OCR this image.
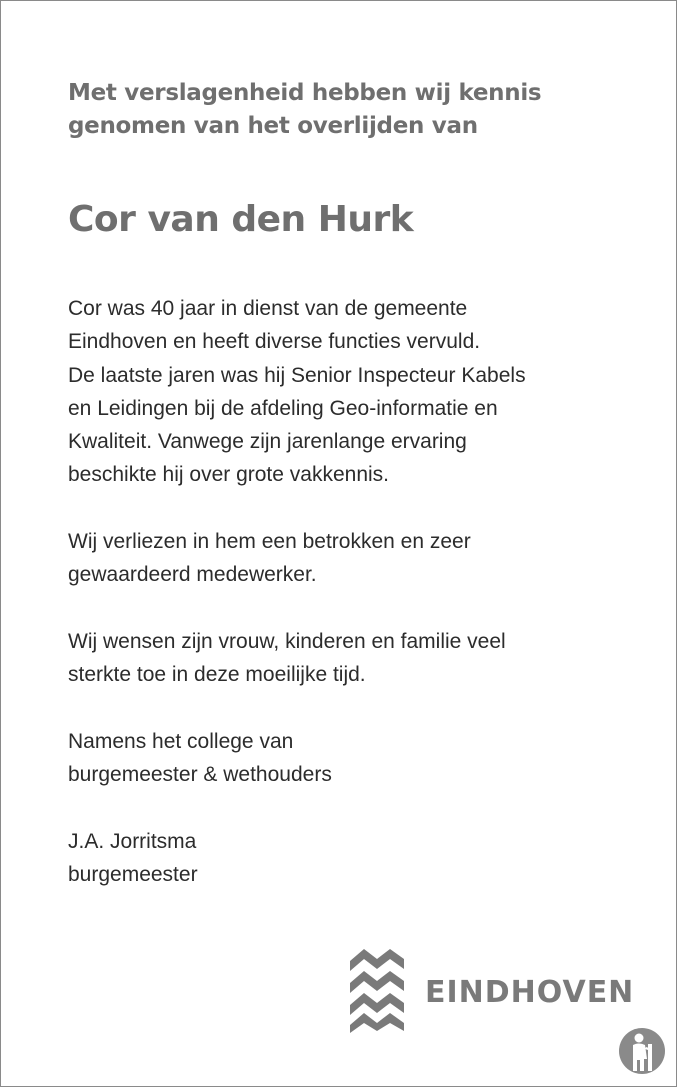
Met verslagenheid hebben wij kennis
genomen van het overlijden van
Cor van den Hurk
Cor was 40 jaar in dienst van de gemeente
Eindhoven en heeft diverse functies vervuld.
De laatste jaren was hij Senior Inspecteur Kabels
en Leidingen bij de afdeling Geo-informatie en
Kwaliteit. Vanwege zijn jarenlange ervaring
beschikte hij over grote vakkennis.
Wij verliezen in hem een betrokken en zeer
gewaardeerd medewerker.
Wij wensen zijn vrouw, kinderen en familie veel
sterkte toe in deze moeilijke tijd.
Namens het college van
burgemeester & wethouders
J.A. Jorritsma
burgemeester
EINDHOVEN
